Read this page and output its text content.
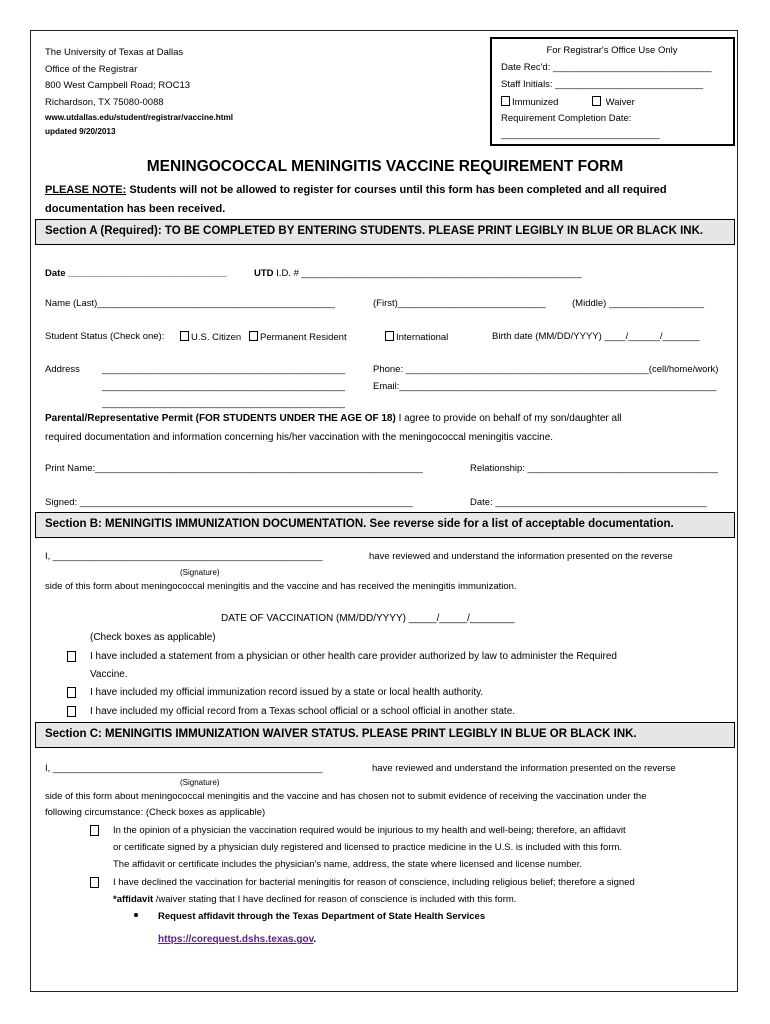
The University of Texas at Dallas
Office of the Registrar
800 West Campbell Road; ROC13
Richardson, TX 75080-0088
www.utdallas.edu/student/registrar/vaccine.html
updated 9/20/2013
For Registrar's Office Use Only
Date Rec'd: ______________________________
Staff Initials: ____________________________
Immunized	Waiver
Requirement Completion Date:
______________________________
MENINGOCOCCAL MENINGITIS VACCINE REQUIREMENT FORM
PLEASE NOTE: Students will not be allowed to register for courses until this form has been completed and all required
documentation has been received.
Section A (Required): TO BE COMPLETED BY ENTERING STUDENTS. PLEASE PRINT LEGIBLY IN BLUE OR BLACK INK.
Date ______________________________	UTD I.D. # _____________________________________________________
Name (Last)_____________________________________________	(First)____________________________	(Middle) __________________
Student Status (Check one):	U.S. Citizen	Permanent Resident	International	Birth date (MM/DD/YYYY) ____/______/_______
Address ______________________________________________
______________________________________________
______________________________________________
Phone: ______________________________________________(cell/home/work)
Email:____________________________________________________________
Parental/Representative Permit (FOR STUDENTS UNDER THE AGE OF 18) I agree to provide on behalf of my son/daughter all
required documentation and information concerning his/her vaccination with the meningococcal meningitis vaccine.
Print Name:______________________________________________________________	Relationship: ____________________________________
Signed: _______________________________________________________________	Date: ________________________________________
Section B: MENINGITIS IMMUNIZATION DOCUMENTATION. See reverse side for a list of acceptable documentation.
I, ___________________________________________________	have reviewed and understand the information presented on the reverse
(Signature)
side of this form about meningococcal meningitis and the vaccine and has received the meningitis immunization.
DATE OF VACCINATION (MM/DD/YYYY) _____/_____/________
(Check boxes as applicable)
I have included a statement from a physician or other health care provider authorized by law to administer the Required
Vaccine.
I have included my official immunization record issued by a state or local health authority.
I have included my official record from a Texas school official or a school official in another state.
Section C: MENINGITIS IMMUNIZATION WAIVER STATUS. PLEASE PRINT LEGIBLY IN BLUE OR BLACK INK.
I, ___________________________________________________	have reviewed and understand the information presented on the reverse
(Signature)
side of this form about meningococcal meningitis and the vaccine and has chosen not to submit evidence of receiving the vaccination under the
following circumstance: (Check boxes as applicable)
In the opinion of a physician the vaccination required would be injurious to my health and well-being; therefore, an affidavit
or certificate signed by a physician duly registered and licensed to practice medicine in the U.S. is included with this form.
The affidavit or certificate includes the physician's name, address, the state where licensed and license number.
I have declined the vaccination for bacterial meningitis for reason of conscience, including religious belief; therefore a signed
*affidavit /waiver stating that I have declined for reason of conscience is included with this form.
Request affidavit through the Texas Department of State Health Services
https://corequest.dshs.texas.gov.
